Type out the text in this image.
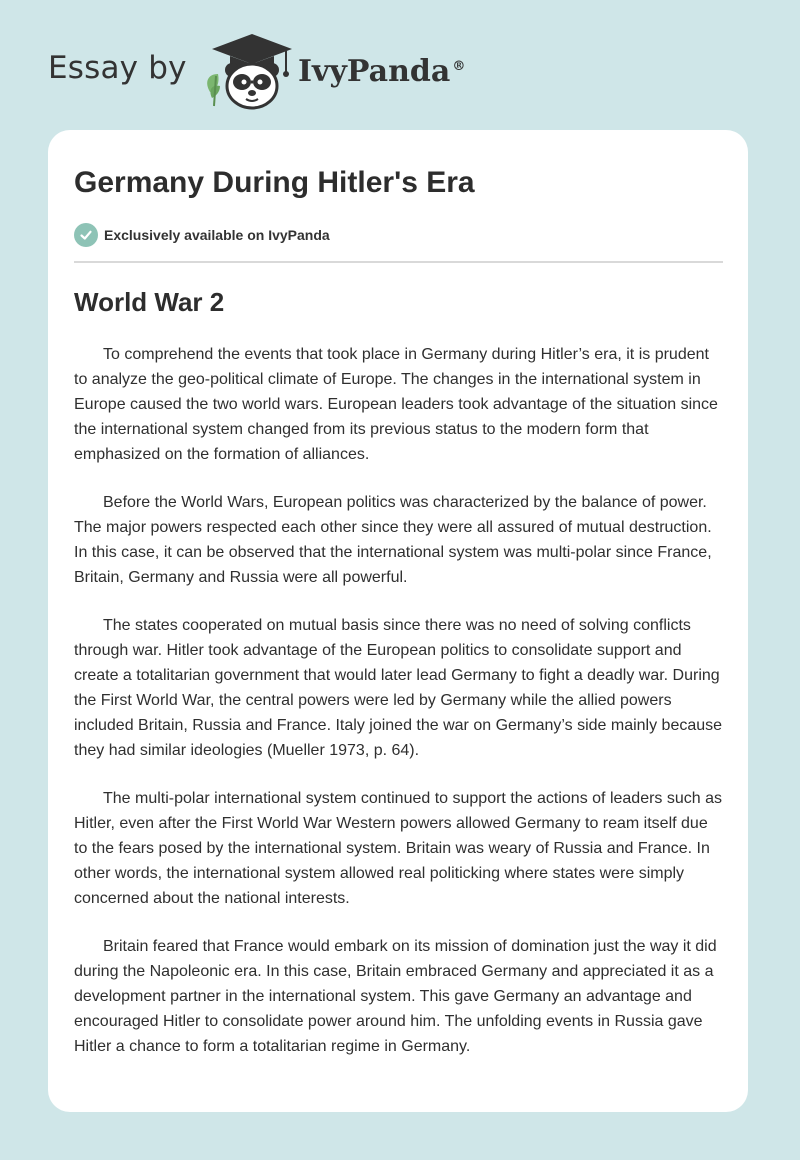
Essay by	IvyPanda ®
Germany During Hitler's Era
Exclusively available on IvyPanda
World War 2

To comprehend the events that took place in Germany during Hitler’s era, it is prudent to analyze the geo-political climate of Europe. The changes in the international system in Europe caused the two world wars. European leaders took advantage of the situation since the international system changed from its previous status to the modern form that emphasized on the formation of alliances.

Before the World Wars, European politics was characterized by the balance of power. The major powers respected each other since they were all assured of mutual destruction. In this case, it can be observed that the international system was multi-polar since France, Britain, Germany and Russia were all powerful.

The states cooperated on mutual basis since there was no need of solving conflicts through war. Hitler took advantage of the European politics to consolidate support and create a totalitarian government that would later lead Germany to fight a deadly war. During the First World War, the central powers were led by Germany while the allied powers included Britain, Russia and France. Italy joined the war on Germany’s side mainly because they had similar ideologies (Mueller 1973, p. 64).

The multi-polar international system continued to support the actions of leaders such as Hitler, even after the First World War Western powers allowed Germany to ream itself due to the fears posed by the international system. Britain was weary of Russia and France. In other words, the international system allowed real politicking where states were simply concerned about the national interests.

Britain feared that France would embark on its mission of domination just the way it did during the Napoleonic era. In this case, Britain embraced Germany and appreciated it as a development partner in the international system. This gave Germany an advantage and encouraged Hitler to consolidate power around him. The unfolding events in Russia gave Hitler a chance to form a totalitarian regime in Germany.
